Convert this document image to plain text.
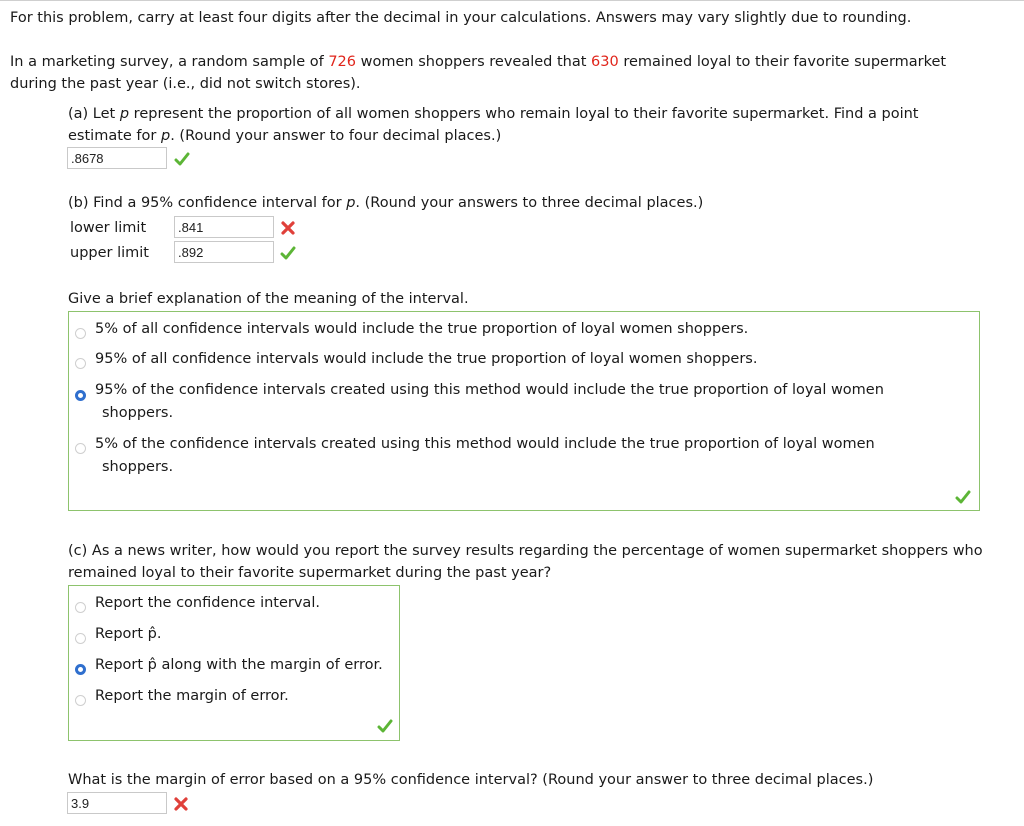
For this problem, carry at least four digits after the decimal in your calculations. Answers may vary slightly due to rounding.
In a marketing survey, a random sample of 726 women shoppers revealed that 630 remained loyal to their favorite supermarket
during the past year (i.e., did not switch stores).
(a) Let p represent the proportion of all women shoppers who remain loyal to their favorite supermarket. Find a point
estimate for p. (Round your answer to four decimal places.)
.8678
(b) Find a 95% confidence interval for p. (Round your answers to three decimal places.)
lower limit	.841
upper limit	.892
Give a brief explanation of the meaning of the interval.
5% of all confidence intervals would include the true proportion of loyal women shoppers.
95% of all confidence intervals would include the true proportion of loyal women shoppers.
95% of the confidence intervals created using this method would include the true proportion of loyal women
shoppers.
5% of the confidence intervals created using this method would include the true proportion of loyal women
shoppers.
(c) As a news writer, how would you report the survey results regarding the percentage of women supermarket shoppers who
remained loyal to their favorite supermarket during the past year?
Report the confidence interval.
Report p̂.
Report p̂ along with the margin of error.
Report the margin of error.
What is the margin of error based on a 95% confidence interval? (Round your answer to three decimal places.)
3.9
